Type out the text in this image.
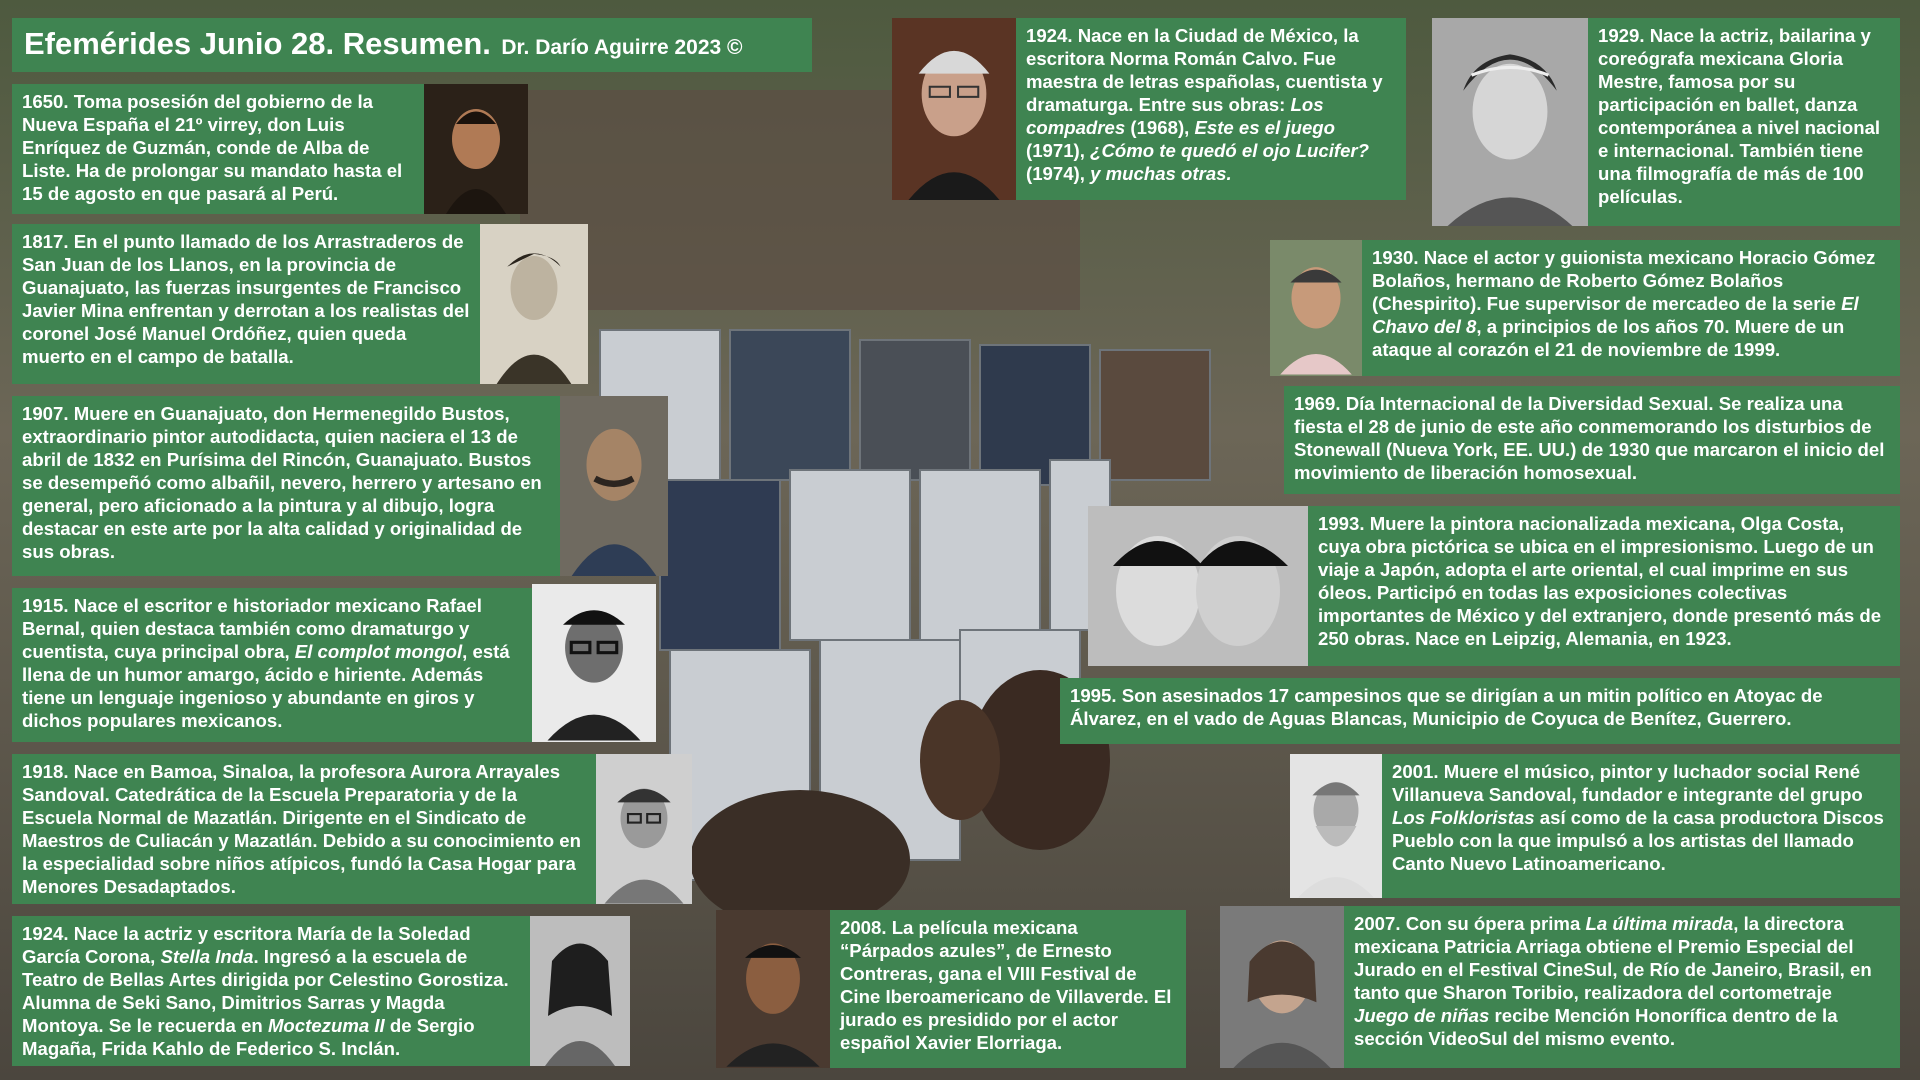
Efemérides Junio 28. Resumen. Dr. Darío Aguirre 2023 ©

1650. Toma posesión del gobierno de la Nueva España el 21º virrey, don Luis Enríquez de Guzmán, conde de Alba de Liste. Ha de prolongar su mandato hasta el 15 de agosto en que pasará al Perú.

1817. En el punto llamado de los Arrastraderos de San Juan de los Llanos, en la provincia de Guanajuato, las fuerzas insurgentes de Francisco Javier Mina enfrentan y derrotan a los realistas del coronel José Manuel Ordóñez, quien queda muerto en el campo de batalla.

1907. Muere en Guanajuato, don Hermenegildo Bustos, extraordinario pintor autodidacta, quien naciera el 13 de abril de 1832 en Purísima del Rincón, Guanajuato. Bustos se desempeñó como albañil, nevero, herrero y artesano en general, pero aficionado a la pintura y al dibujo, logra destacar en este arte por la alta calidad y originalidad de sus obras.

1915. Nace el escritor e historiador mexicano Rafael Bernal, quien destaca también como dramaturgo y cuentista, cuya principal obra, El complot mongol, está llena de un humor amargo, ácido e hiriente. Además tiene un lenguaje ingenioso y abundante en giros y dichos populares mexicanos.

1918. Nace en Bamoa, Sinaloa, la profesora Aurora Arrayales Sandoval. Catedrática de la Escuela Preparatoria y de la Escuela Normal de Mazatlán. Dirigente en el Sindicato de Maestros de Culiacán y Mazatlán. Debido a su conocimiento en la especialidad sobre niños atípicos, fundó la Casa Hogar para Menores Desadaptados.

1924. Nace la actriz y escritora María de la Soledad García Corona, Stella Inda. Ingresó a la escuela de Teatro de Bellas Artes dirigida por Celestino Gorostiza. Alumna de Seki Sano, Dimitrios Sarras y Magda Montoya. Se le recuerda en Moctezuma II de Sergio Magaña, Frida Kahlo de Federico S. Inclán.

1924. Nace en la Ciudad de México, la escritora Norma Román Calvo. Fue maestra de letras españolas, cuentista y dramaturga. Entre sus obras: Los compadres (1968), Este es el juego (1971), ¿Cómo te quedó el ojo Lucifer? (1974), y muchas otras.

1929. Nace la actriz, bailarina y coreógrafa mexicana Gloria Mestre, famosa por su participación en ballet, danza contemporánea a nivel nacional e internacional. También tiene una filmografía de más de 100 películas.

1930. Nace el actor y guionista mexicano Horacio Gómez Bolaños, hermano de Roberto Gómez Bolaños (Chespirito). Fue supervisor de mercadeo de la serie El Chavo del 8, a principios de los años 70. Muere de un ataque al corazón el 21 de noviembre de 1999.

1969. Día Internacional de la Diversidad Sexual. Se realiza una fiesta el 28 de junio de este año conmemorando los disturbios de Stonewall (Nueva York, EE. UU.) de 1930 que marcaron el inicio del movimiento de liberación homosexual.

1993. Muere la pintora nacionalizada mexicana, Olga Costa, cuya obra pictórica se ubica en el impresionismo. Luego de un viaje a Japón, adopta el arte oriental, el cual imprime en sus óleos. Participó en todas las exposiciones colectivas importantes de México y del extranjero, donde presentó más de 250 obras. Nace en Leipzig, Alemania, en 1923.

1995. Son asesinados 17 campesinos que se dirigían a un mitin político en Atoyac de Álvarez, en el vado de Aguas Blancas, Municipio de Coyuca de Benítez, Guerrero.

2001. Muere el músico, pintor y luchador social René Villanueva Sandoval, fundador e integrante del grupo Los Folkloristas así como de la casa productora Discos Pueblo con la que impulsó a los artistas del llamado Canto Nuevo Latinoamericano.

2008. La película mexicana “Párpados azules”, de Ernesto Contreras, gana el VIII Festival de Cine Iberoamericano de Villaverde. El jurado es presidido por el actor español Xavier Elorriaga.

2007. Con su ópera prima La última mirada, la directora mexicana Patricia Arriaga obtiene el Premio Especial del Jurado en el Festival CineSul, de Río de Janeiro, Brasil, en tanto que Sharon Toribio, realizadora del cortometraje Juego de niñas recibe Mención Honorífica dentro de la sección VideoSul del mismo evento.
